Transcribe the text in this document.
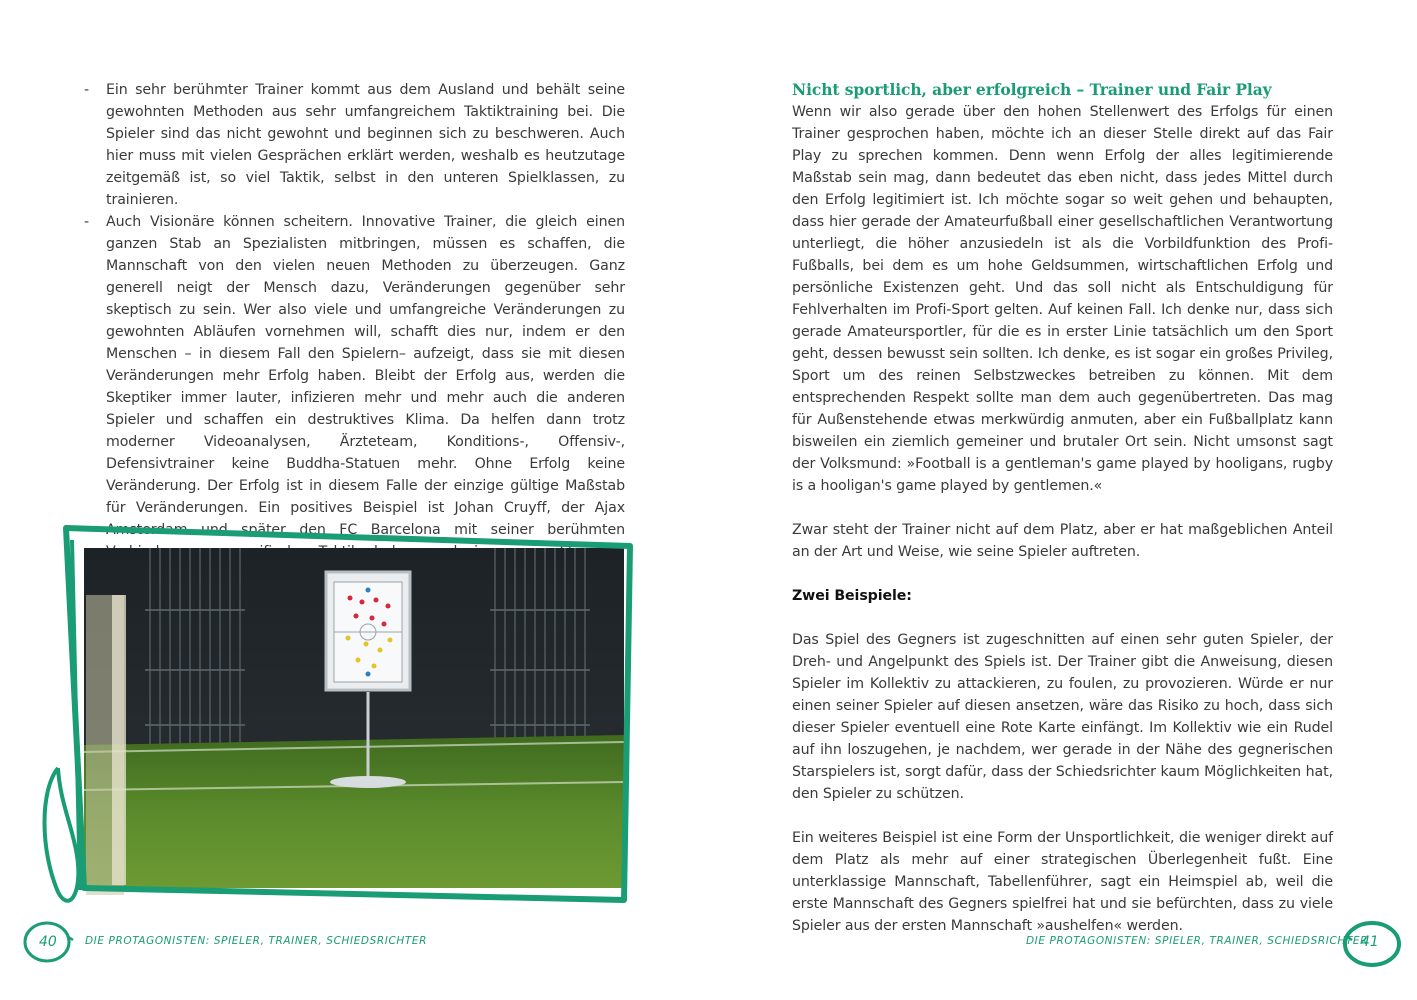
-	Ein sehr berühmter Trainer kommt aus dem Ausland und behält seine gewohnten Methoden aus sehr umfangreichem Taktiktraining bei. Die Spieler sind das nicht gewohnt und beginnen sich zu beschweren. Auch hier muss mit vielen Gesprächen erklärt werden, weshalb es heutzutage zeitgemäß ist, so viel Taktik, selbst in den unteren Spielklassen, zu trainieren.
-	Auch Visionäre können scheitern. Innovative Trainer, die gleich einen ganzen Stab an Spezialisten mitbringen, müssen es schaffen, die Mannschaft von den vielen neuen Methoden zu überzeugen. Ganz generell neigt der Mensch dazu, Veränderungen gegenüber sehr skeptisch zu sein. Wer also viele und umfangreiche Veränderungen zu gewohnten Abläufen vornehmen will, schafft dies nur, indem er den Menschen – in diesem Fall den Spielern– aufzeigt, dass sie mit diesen Veränderungen mehr Erfolg haben. Bleibt der Erfolg aus, werden die Skeptiker immer lauter, infizieren mehr und mehr auch die anderen Spieler und schaffen ein destruktives Klima. Da helfen dann trotz moderner Videoanalysen, Ärzteteam, Konditions-, Offensiv-, Defensivtrainer keine Buddha-Statuen mehr. Ohne Erfolg keine Veränderung. Der Erfolg ist in diesem Falle der einzige gültige Maßstab für Veränderungen. Ein positives Beispiel ist Johan Cruyff, der Ajax Amsterdam und später den FC Barcelona mit seiner berühmten
40	DIE PROTAGONISTEN: SPIELER, TRAINER, SCHIEDSRICHTER

Nicht sportlich, aber erfolgreich – Trainer und Fair Play

Wenn wir also gerade über den hohen Stellenwert des Erfolgs für einen Trainer gesprochen haben, möchte ich an dieser Stelle direkt auf das Fair Play zu sprechen kommen. Denn wenn Erfolg der alles legitimierende Maßstab sein mag, dann bedeutet das eben nicht, dass jedes Mittel durch den Erfolg legitimiert ist. Ich möchte sogar so weit gehen und behaupten, dass hier gerade der Amateurfußball einer gesellschaftlichen Verantwortung unterliegt, die höher anzusiedeln ist als die Vorbildfunktion des Profi-Fußballs, bei dem es um hohe Geldsummen, wirtschaftlichen Erfolg und persönliche Existenzen geht. Und das soll nicht als Entschuldigung für Fehlverhalten im Profi-Sport gelten. Auf keinen Fall. Ich denke nur, dass sich gerade Amateursportler, für die es in erster Linie tatsächlich um den Sport geht, dessen bewusst sein sollten. Ich denke, es ist sogar ein großes Privileg, Sport um des reinen Selbstzweckes betreiben zu können. Mit dem entsprechenden Respekt sollte man dem auch gegenübertreten. Das mag für Außenstehende etwas merkwürdig anmuten, aber ein Fußballplatz kann bisweilen ein ziemlich gemeiner und brutaler Ort sein. Nicht umsonst sagt der Volksmund: »Football is a gentleman's game played by hooligans, rugby is a hooligan's game played by gentlemen.«

Zwar steht der Trainer nicht auf dem Platz, aber er hat maßgeblichen Anteil an der Art und Weise, wie seine Spieler auftreten.

Zwei Beispiele:

Das Spiel des Gegners ist zugeschnitten auf einen sehr guten Spieler, der Dreh- und Angelpunkt des Spiels ist. Der Trainer gibt die Anweisung, diesen Spieler im Kollektiv zu attackieren, zu foulen, zu provozieren. Würde er nur einen seiner Spieler auf diesen ansetzen, wäre das Risiko zu hoch, dass sich dieser Spieler eventuell eine Rote Karte einfängt. Im Kollektiv wie ein Rudel auf ihn loszugehen, je nachdem, wer gerade in der Nähe des gegnerischen Starspielers ist, sorgt dafür, dass der Schiedsrichter kaum Möglichkeiten hat, den Spieler zu schützen.

Ein weiteres Beispiel ist eine Form der Unsportlichkeit, die weniger direkt auf dem Platz als mehr auf einer strategischen Überlegenheit fußt. Eine unterklassige Mannschaft, Tabellenführer, sagt ein Heimspiel ab, weil die erste Mannschaft des Gegners spielfrei hat und sie befürchten, dass zu viele Spieler aus der ersten Mannschaft »aushelfen« werden.

DIE PROTAGONISTEN: SPIELER, TRAINER, SCHIEDSRICHTER
41
